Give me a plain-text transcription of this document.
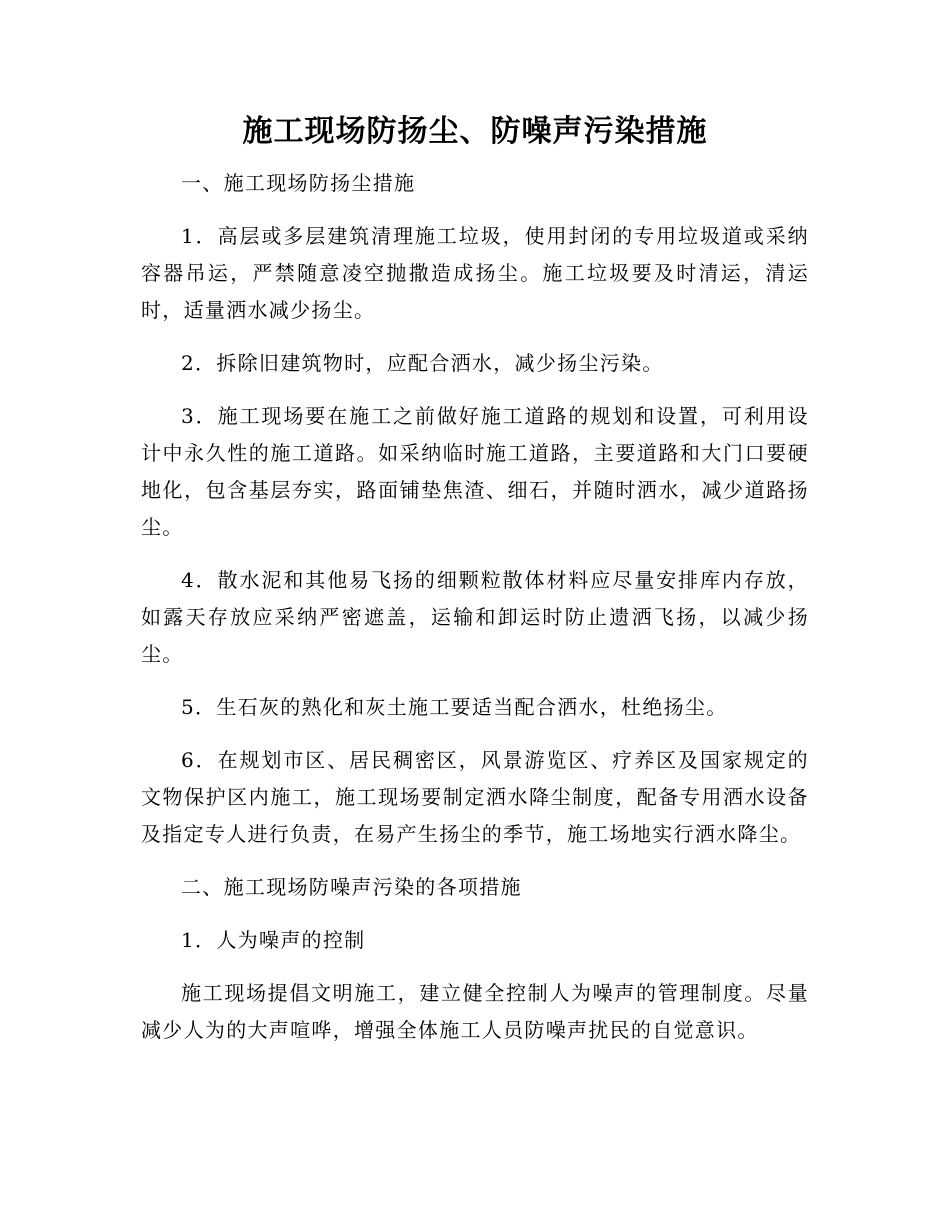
施工现场防扬尘、防噪声污染措施

一、施工现场防扬尘措施

1．高层或多层建筑清理施工垃圾，使用封闭的专用垃圾道或采纳容器吊运，严禁随意凌空抛撒造成扬尘。施工垃圾要及时清运，清运时，适量洒水减少扬尘。

2．拆除旧建筑物时，应配合洒水，减少扬尘污染。

3．施工现场要在施工之前做好施工道路的规划和设置，可利用设计中永久性的施工道路。如采纳临时施工道路，主要道路和大门口要硬地化，包含基层夯实，路面铺垫焦渣、细石，并随时洒水，减少道路扬尘。

4．散水泥和其他易飞扬的细颗粒散体材料应尽量安排库内存放，如露天存放应采纳严密遮盖，运输和卸运时防止遗洒飞扬，以减少扬尘。

5．生石灰的熟化和灰土施工要适当配合洒水，杜绝扬尘。

6．在规划市区、居民稠密区，风景游览区、疗养区及国家规定的文物保护区内施工，施工现场要制定洒水降尘制度，配备专用洒水设备及指定专人进行负责，在易产生扬尘的季节，施工场地实行洒水降尘。

二、施工现场防噪声污染的各项措施

1．人为噪声的控制

施工现场提倡文明施工，建立健全控制人为噪声的管理制度。尽量减少人为的大声喧哗，增强全体施工人员防噪声扰民的自觉意识。
